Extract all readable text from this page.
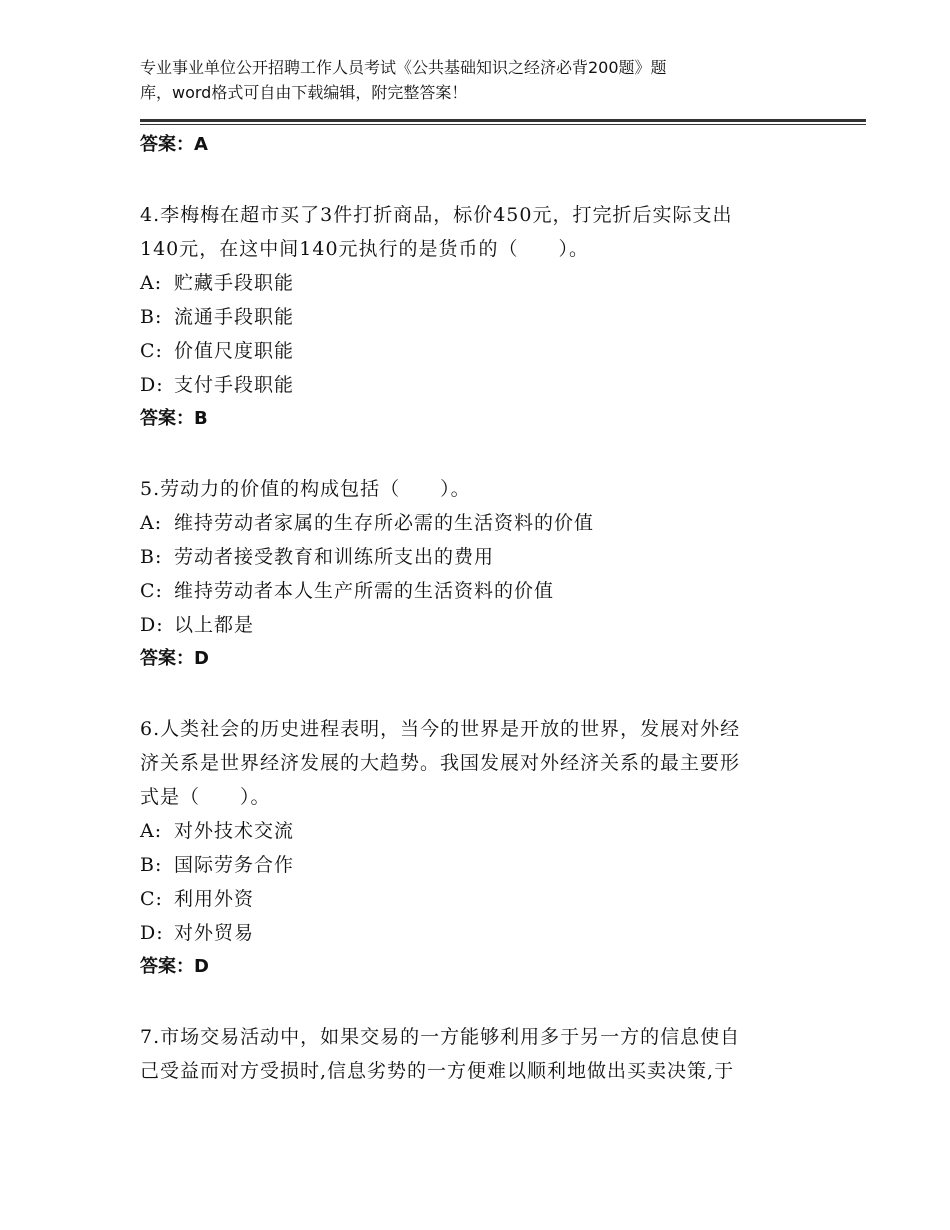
专业事业单位公开招聘工作人员考试《公共基础知识之经济必背200题》题
库，word格式可自由下载编辑，附完整答案！
答案：A
4.李梅梅在超市买了3件打折商品，标价450元，打完折后实际支出
140元，在这中间140元执行的是货币的（　　）。
A: 贮藏手段职能
B: 流通手段职能
C: 价值尺度职能
D: 支付手段职能
答案：B
5.劳动力的价值的构成包括（　　）。
A: 维持劳动者家属的生存所必需的生活资料的价值
B: 劳动者接受教育和训练所支出的费用
C: 维持劳动者本人生产所需的生活资料的价值
D: 以上都是
答案：D
6.人类社会的历史进程表明，当今的世界是开放的世界，发展对外经
济关系是世界经济发展的大趋势。我国发展对外经济关系的最主要形
式是（　　）。
A: 对外技术交流
B: 国际劳务合作
C: 利用外资
D: 对外贸易
答案：D
7.市场交易活动中，如果交易的一方能够利用多于另一方的信息使自
己受益而对方受损时,信息劣势的一方便难以顺利地做出买卖决策,于
